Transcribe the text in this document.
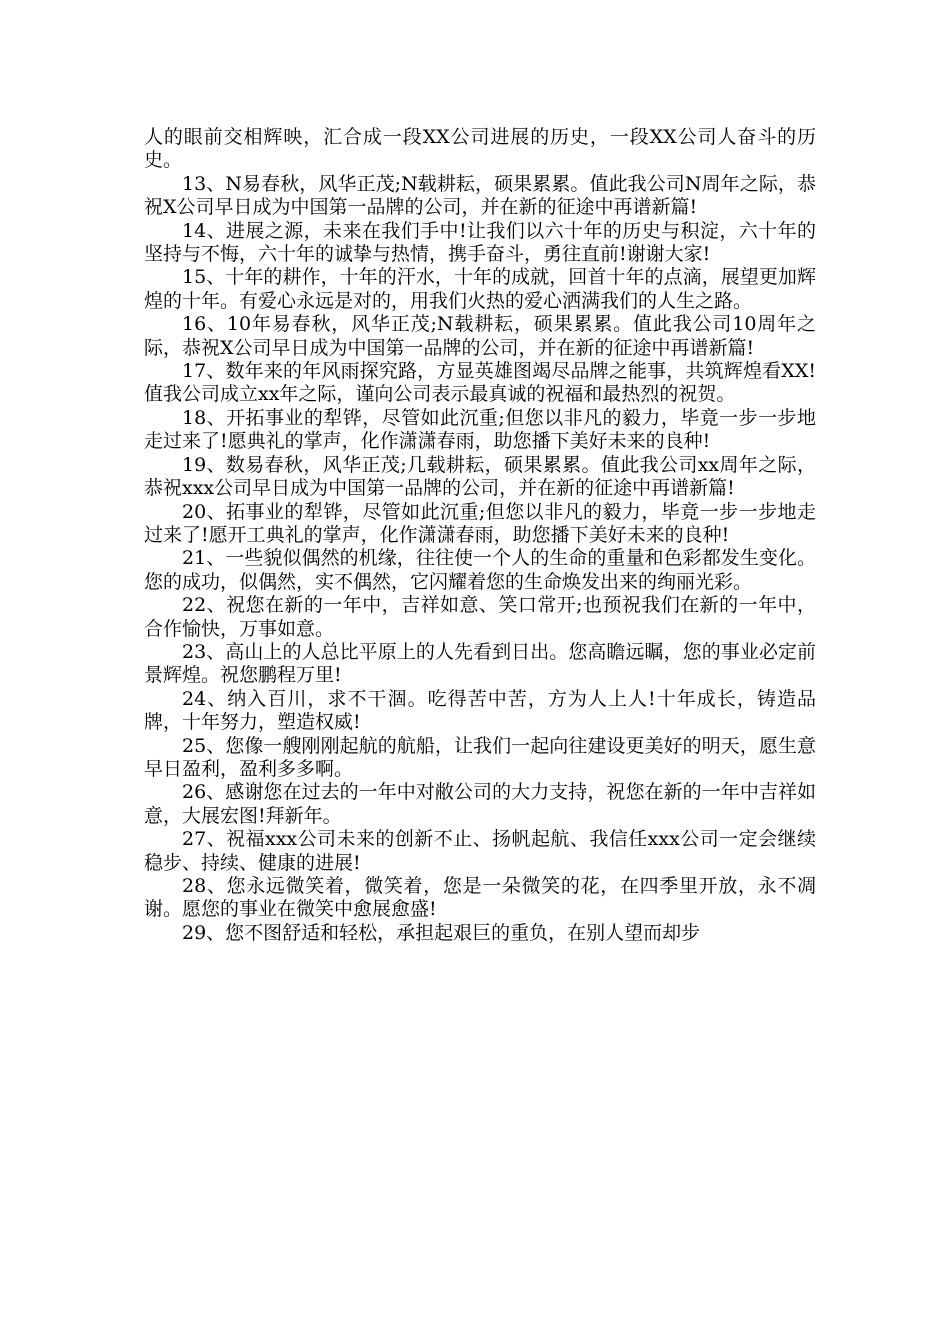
人的眼前交相辉映，汇合成一段XX公司进展的历史，一段XX公司人奋斗的历史。

13、N易春秋，风华正茂;N载耕耘，硕果累累。值此我公司N周年之际，恭祝X公司早日成为中国第一品牌的公司，并在新的征途中再谱新篇!

14、进展之源，未来在我们手中!让我们以六十年的历史与积淀，六十年的坚持与不悔，六十年的诚挚与热情，携手奋斗，勇往直前!谢谢大家!

15、十年的耕作，十年的汗水，十年的成就，回首十年的点滴，展望更加辉煌的十年。有爱心永远是对的，用我们火热的爱心洒满我们的人生之路。

16、10年易春秋，风华正茂;N载耕耘，硕果累累。值此我公司10周年之际，恭祝X公司早日成为中国第一品牌的公司，并在新的征途中再谱新篇!

17、数年来的年风雨探究路，方显英雄图竭尽品牌之能事，共筑辉煌看XX!值我公司成立xx年之际，谨向公司表示最真诚的祝福和最热烈的祝贺。

18、开拓事业的犁铧，尽管如此沉重;但您以非凡的毅力，毕竟一步一步地走过来了!愿典礼的掌声，化作潇潇春雨，助您播下美好未来的良种!

19、数易春秋，风华正茂;几载耕耘，硕果累累。值此我公司xx周年之际，恭祝xxx公司早日成为中国第一品牌的公司，并在新的征途中再谱新篇!

20、拓事业的犁铧，尽管如此沉重;但您以非凡的毅力，毕竟一步一步地走过来了!愿开工典礼的掌声，化作潇潇春雨，助您播下美好未来的良种!

21、一些貌似偶然的机缘，往往使一个人的生命的重量和色彩都发生变化。您的成功，似偶然，实不偶然，它闪耀着您的生命焕发出来的绚丽光彩。

22、祝您在新的一年中，吉祥如意、笑口常开;也预祝我们在新的一年中，合作愉快，万事如意。

23、高山上的人总比平原上的人先看到日出。您高瞻远瞩，您的事业必定前景辉煌。祝您鹏程万里!

24、纳入百川，求不干涸。吃得苦中苦，方为人上人!十年成长，铸造品牌，十年努力，塑造权威!

25、您像一艘刚刚起航的航船，让我们一起向往建设更美好的明天，愿生意早日盈利，盈利多多啊。

26、感谢您在过去的一年中对敝公司的大力支持，祝您在新的一年中吉祥如意，大展宏图!拜新年。

27、祝福xxx公司未来的创新不止、扬帆起航、我信任xxx公司一定会继续稳步、持续、健康的进展!

28、您永远微笑着，微笑着，您是一朵微笑的花，在四季里开放，永不凋谢。愿您的事业在微笑中愈展愈盛!

29、您不图舒适和轻松，承担起艰巨的重负，在别人望而却步
